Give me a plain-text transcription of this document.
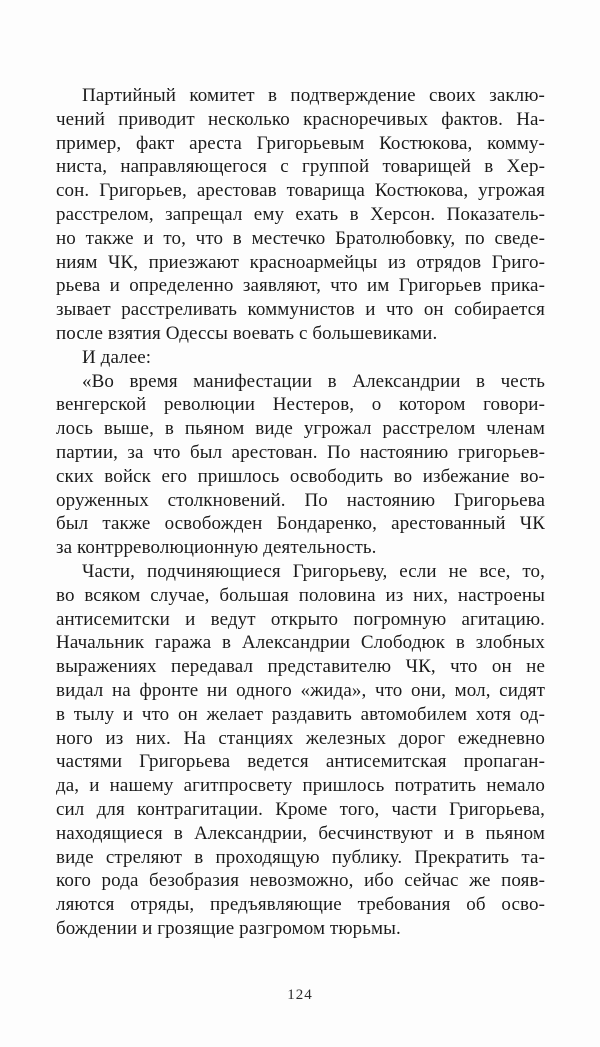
Партийный комитет в подтверждение своих заклю-
чений приводит несколько красноречивых фактов. На-
пример, факт ареста Григорьевым Костюкова, комму-
ниста, направляющегося с группой товарищей в Хер-
сон. Григорьев, арестовав товарища Костюкова, угрожая
расстрелом, запрещал ему ехать в Херсон. Показатель-
но также и то, что в местечко Братолюбовку, по сведе-
ниям ЧК, приезжают красноармейцы из отрядов Григо-
рьева и определенно заявляют, что им Григорьев прика-
зывает расстреливать коммунистов и что он собирается
после взятия Одессы воевать с большевиками.
И далее:
«Во время манифестации в Александрии в честь
венгерской революции Нестеров, о котором говори-
лось выше, в пьяном виде угрожал расстрелом членам
партии, за что был арестован. По настоянию григорьев-
ских войск его пришлось освободить во избежание во-
оруженных столкновений. По настоянию Григорьева
был также освобожден Бондаренко, арестованный ЧК
за контрреволюционную деятельность.
Части, подчиняющиеся Григорьеву, если не все, то,
во всяком случае, большая половина из них, настроены
антисемитски и ведут открыто погромную агитацию.
Начальник гаража в Александрии Слободюк в злобных
выражениях передавал представителю ЧК, что он не
видал на фронте ни одного «жида», что они, мол, сидят
в тылу и что он желает раздавить автомобилем хотя од-
ного из них. На станциях железных дорог ежедневно
частями Григорьева ведется антисемитская пропаган-
да, и нашему агитпросвету пришлось потратить немало
сил для контрагитации. Кроме того, части Григорьева,
находящиеся в Александрии, бесчинствуют и в пьяном
виде стреляют в проходящую публику. Прекратить та-
кого рода безобразия невозможно, ибо сейчас же появ-
ляются отряды, предъявляющие требования об осво-
бождении и грозящие разгромом тюрьмы.
124
